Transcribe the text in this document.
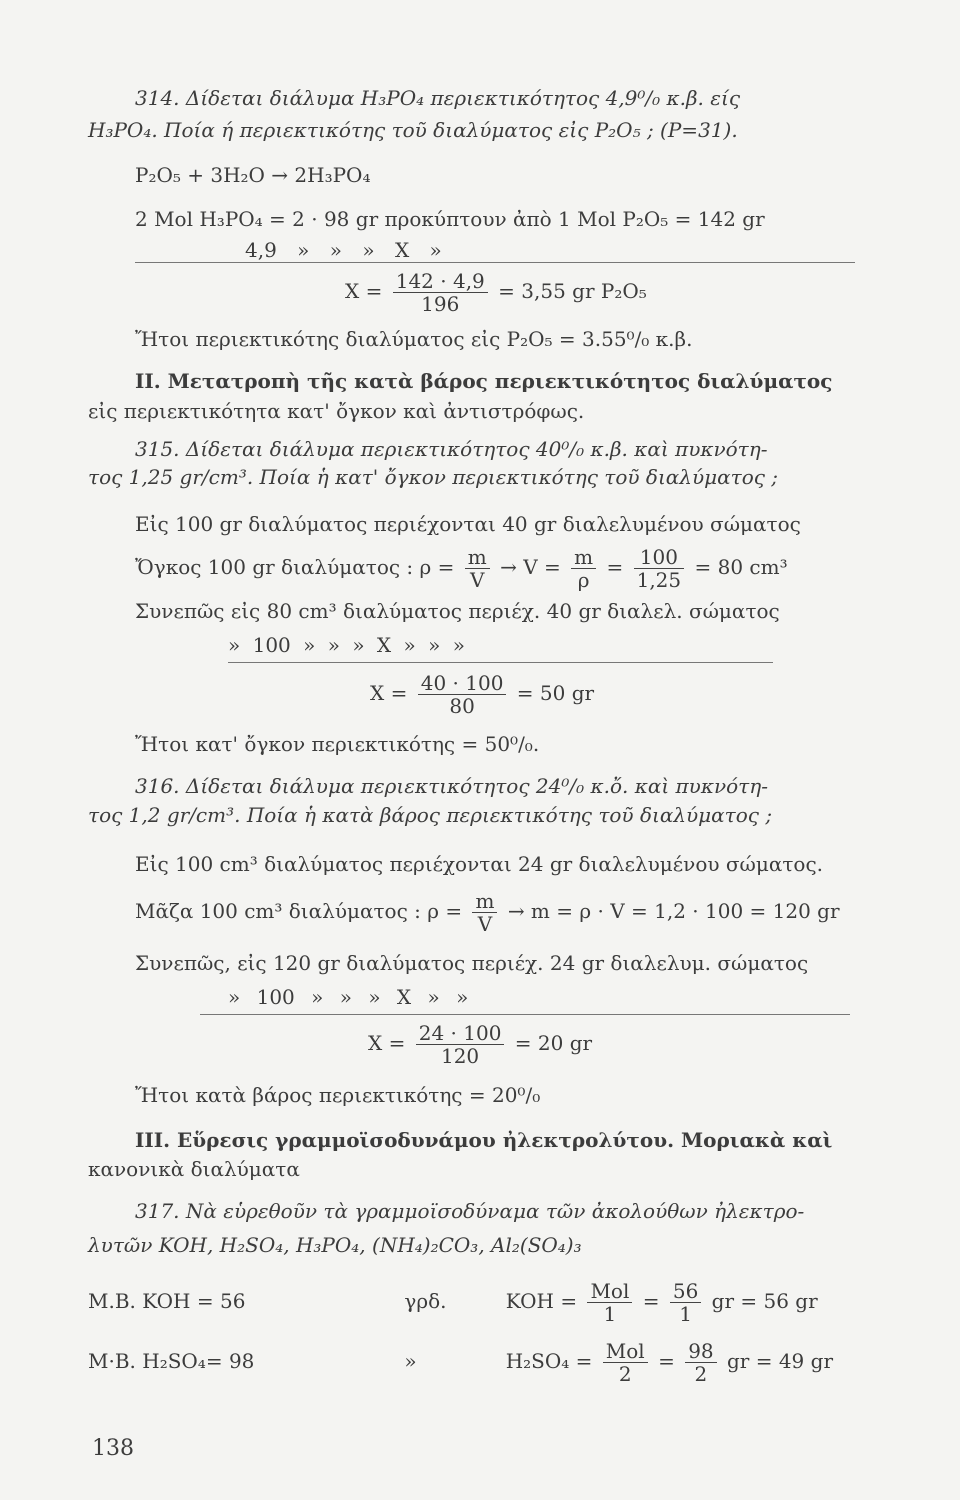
314. Δίδεται διάλυμα H₃PO₄ περιεκτικότητος 4,9⁰/₀ κ.β. είς
H₃PO₄. Ποία ή περιεκτικότης τοῦ διαλύματος εἰς P₂O₅ ; (P=31).
P₂O₅ + 3H₂O → 2H₃PO₄
2 Mol H₃PO₄ = 2 · 98 gr προκύπτουν ἀπὸ 1 Mol P₂O₅ = 142 gr
4,9 » » » X »
$X = \frac{142 \cdot 4,9}{196} = 3,55$ gr P₂O₅
Ἤτοι περιεκτικότης διαλύματος εἰς P₂O₅ = 3.55⁰/₀ κ.β.
II. Μετατροπὴ τῆς κατὰ βάρος περιεκτικότητος διαλύματος
εἰς περιεκτικότητα κατ' ὄγκον καὶ ἀντιστρόφως.
315. Δίδεται διάλυμα περιεκτικότητος 40⁰/₀ κ.β. καὶ πυκνότη-
τος 1,25 gr/cm³. Ποία ἡ κατ' ὄγκον περιεκτικότης τοῦ διαλύματος ;
Εἰς 100 gr διαλύματος περιέχονται 40 gr διαλελυμένου σώματος
Ὄγκος 100 gr διαλύματος : $\rho = \frac{m}{V} \to V = \frac{m}{\rho} = \frac{100}{1,25} = 80$ cm³
Συνεπῶς εἰς 80 cm³ διαλύματος περιέχ. 40 gr διαλελ. σώματος
» 100 » » » X » » »
$X = \frac{40 \cdot 100}{80} = 50$ gr
Ἤτοι κατ' ὄγκον περιεκτικότης = 50⁰/₀.
316. Δίδεται διάλυμα περιεκτικότητος 24⁰/₀ κ.ὄ. καὶ πυκνότη-
τος 1,2 gr/cm³. Ποία ἡ κατὰ βάρος περιεκτικότης τοῦ διαλύματος ;
Εἰς 100 cm³ διαλύματος περιέχονται 24 gr διαλελυμένου σώματος.
Μᾶζα 100 cm³ διαλύματος : $\rho = \frac{m}{V} \to m = \rho \cdot V = 1,2 \cdot 100 = 120$ gr
Συνεπῶς, εἰς 120 gr διαλύματος περιέχ. 24 gr διαλελυμ. σώματος
» 100 » » » X » »
$X = \frac{24 \cdot 100}{120} = 20$ gr
Ἤτοι κατὰ βάρος περιεκτικότης = 20⁰/₀
III. Εὕρεσις γραμμοϊσοδυνάμου ἠλεκτρολύτου. Μοριακὰ καὶ
κανονικὰ διαλύματα
317. Νὰ εὑρεθοῦν τὰ γραμμοϊσοδύναμα τῶν ἀκολούθων ἠλεκτρο-
λυτῶν KOH, H₂SO₄, H₃PO₄, (NH₄)₂CO₃, Al₂(SO₄)₃
M.B. KOH = 56	γρδ.	KOH = $\frac{\text{Mol}}{1} = \frac{56}{1}$ gr = 56 gr
M·B. H₂SO₄= 98	»	$H_2SO_4 = \frac{\text{Mol}}{2} = \frac{98}{2}$ gr = 49 gr
138
